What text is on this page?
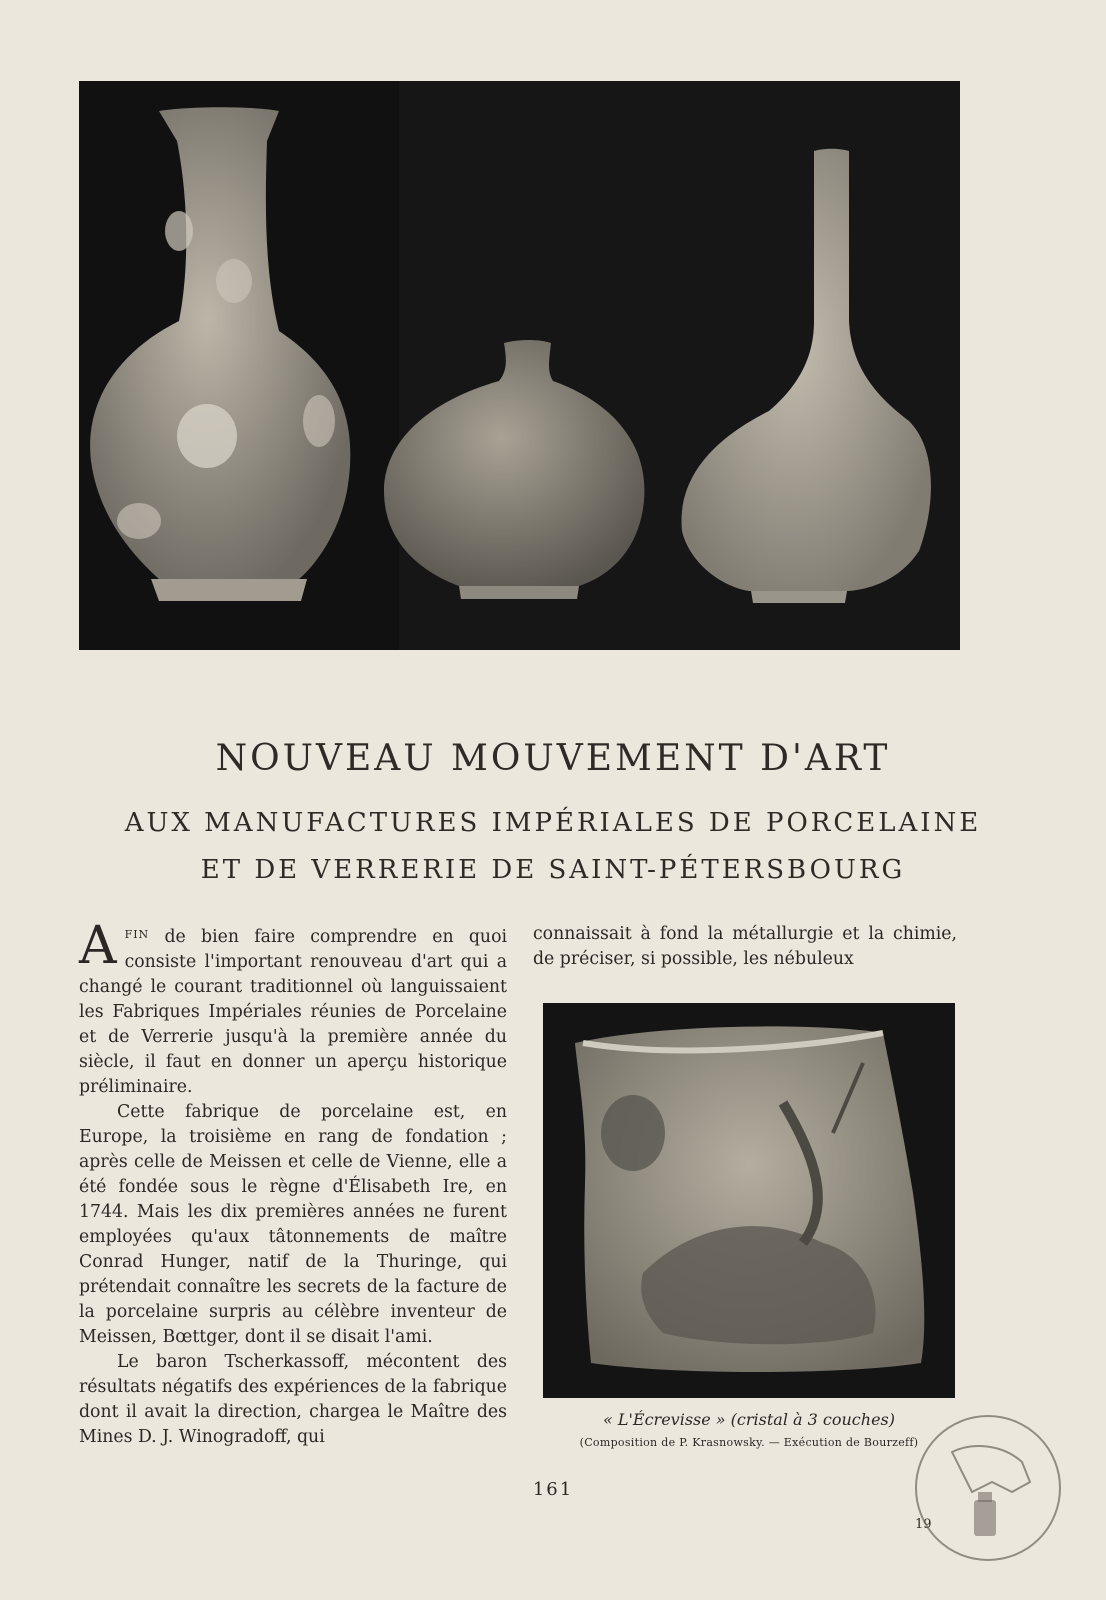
NOUVEAU MOUVEMENT D'ART
AUX MANUFACTURES IMPÉRIALES DE PORCELAINE
ET DE VERRERIE DE SAINT-PÉTERSBOURG

A $^{FIN}$ de bien faire comprendre en quoi consiste l'important renouveau d'art qui a changé le courant traditionnel où languissaient les Fabriques Impériales réunies de Porcelaine et de Verrerie jusqu'à la première année du siècle, il faut en donner un aperçu historique préliminaire.

Cette fabrique de porcelaine est, en Europe, la troisième en rang de fondation ; après celle de Meissen et celle de Vienne, elle a été fondée sous le règne d'Élisabeth Ire, en 1744. Mais les dix premières années ne furent employées qu'aux tâtonnements de maître Conrad Hunger, natif de la Thuringe, qui prétendait connaître les secrets de la facture de la porcelaine surpris au célèbre inventeur de Meissen, Bœttger, dont il se disait l'ami.

Le baron Tscherkassoff, mécontent des résultats négatifs des expériences de la fabrique dont il avait la direction, chargea le Maître des Mines D. J. Winogradoff, qui

connaissait à fond la métallurgie et la chimie, de préciser, si possible, les nébuleux

« L'Écrevisse » (cristal à 3 couches)
(Composition de P. Krasnowsky. — Exécution de Bourzeff)
161
19
